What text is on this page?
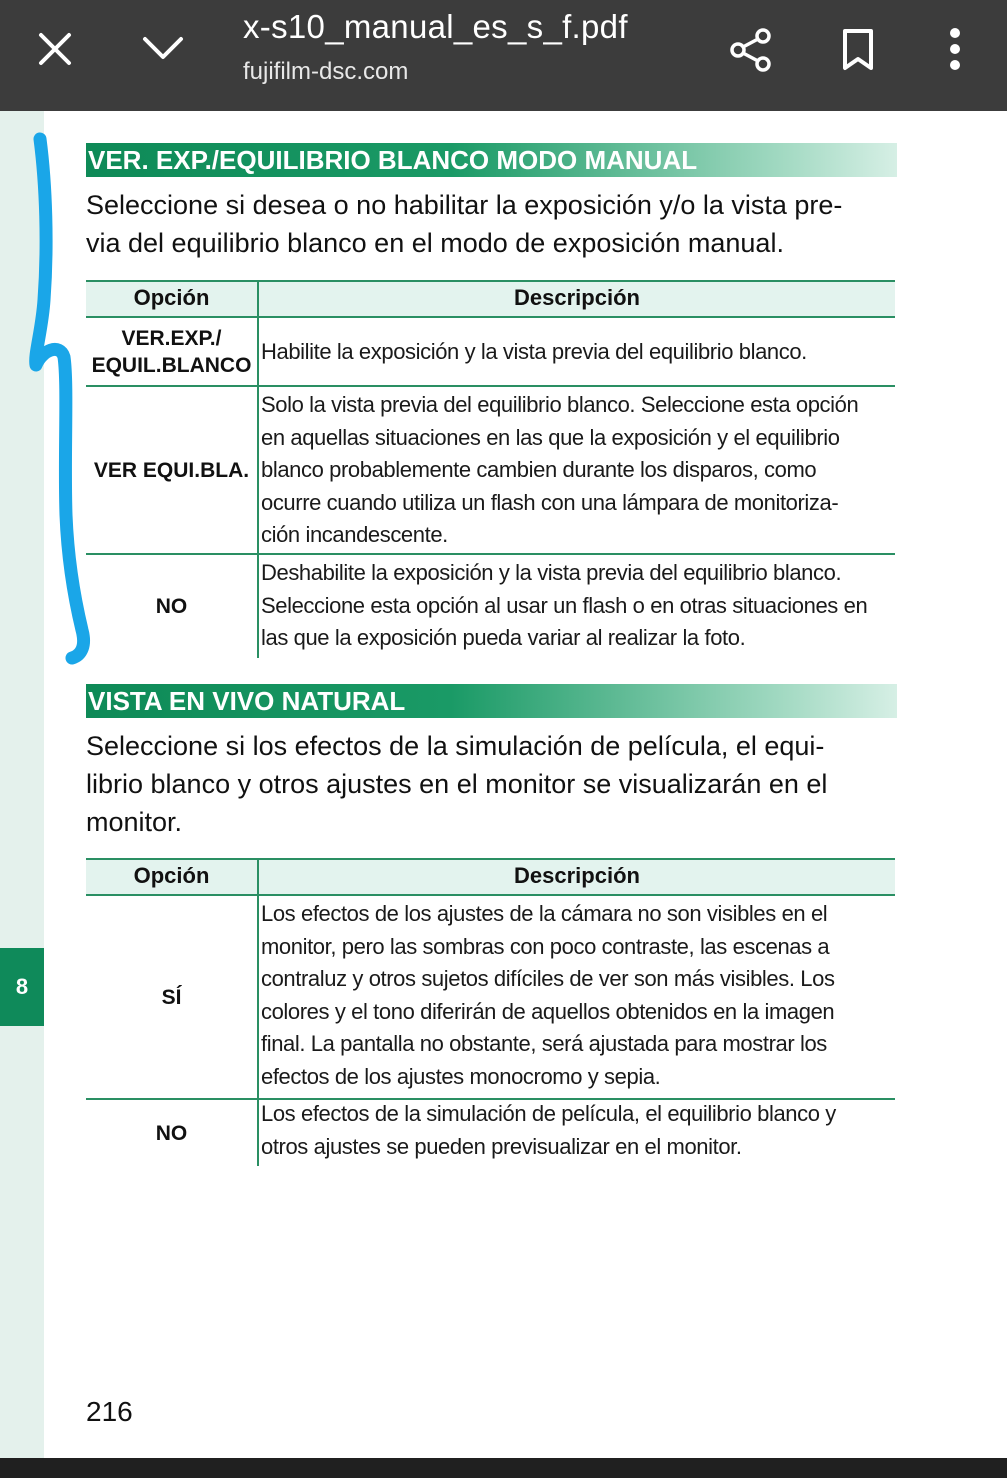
x-s10_manual_es_s_f.pdf
fujifilm-dsc.com
8
VER. EXP./EQUILIBRIO BLANCO MODO MANUAL
Seleccione si desea o no habilitar la exposición y/o la vista pre-
via del equilibrio blanco en el modo de exposición manual.
Opción	Descripción
VER.EXP./
EQUIL.BLANCO
Habilite la exposición y la vista previa del equilibrio blanco.
VER EQUI.BLA.
Solo la vista previa del equilibrio blanco. Seleccione esta opción
en aquellas situaciones en las que la exposición y el equilibrio
blanco probablemente cambien durante los disparos, como
ocurre cuando utiliza un flash con una lámpara de monitoriza-
ción incandescente.
NO
Deshabilite la exposición y la vista previa del equilibrio blanco.
Seleccione esta opción al usar un flash o en otras situaciones en
las que la exposición pueda variar al realizar la foto.
VISTA EN VIVO NATURAL
Seleccione si los efectos de la simulación de película, el equi-
librio blanco y otros ajustes en el monitor se visualizarán en el
monitor.
Opción	Descripción
SÍ
Los efectos de los ajustes de la cámara no son visibles en el
monitor, pero las sombras con poco contraste, las escenas a
contraluz y otros sujetos difíciles de ver son más visibles. Los
colores y el tono diferirán de aquellos obtenidos en la imagen
final. La pantalla no obstante, será ajustada para mostrar los
efectos de los ajustes monocromo y sepia.
NO
Los efectos de la simulación de película, el equilibrio blanco y
otros ajustes se pueden previsualizar en el monitor.
216
